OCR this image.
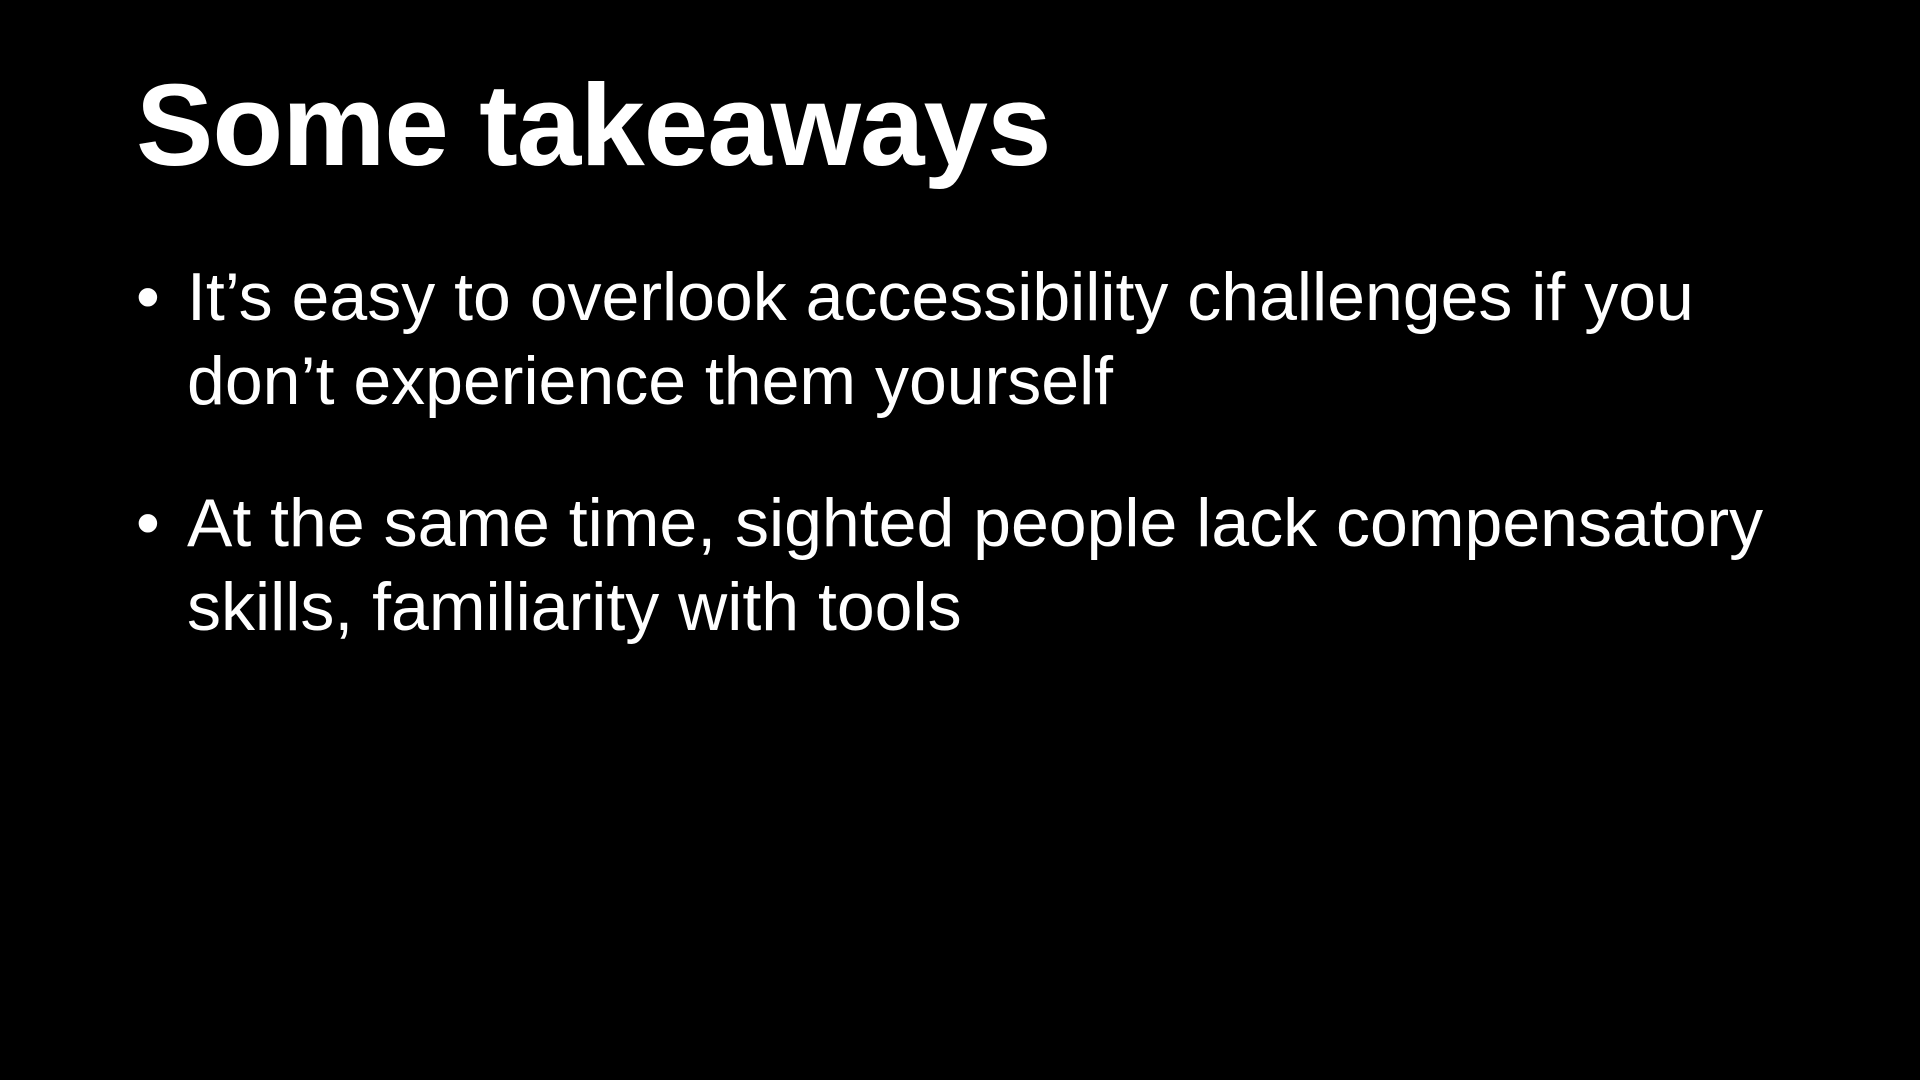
Some takeaways
• It’s easy to overlook accessibility challenges if you don’t experience them yourself
• At the same time, sighted people lack compensatory skills, familiarity with tools
